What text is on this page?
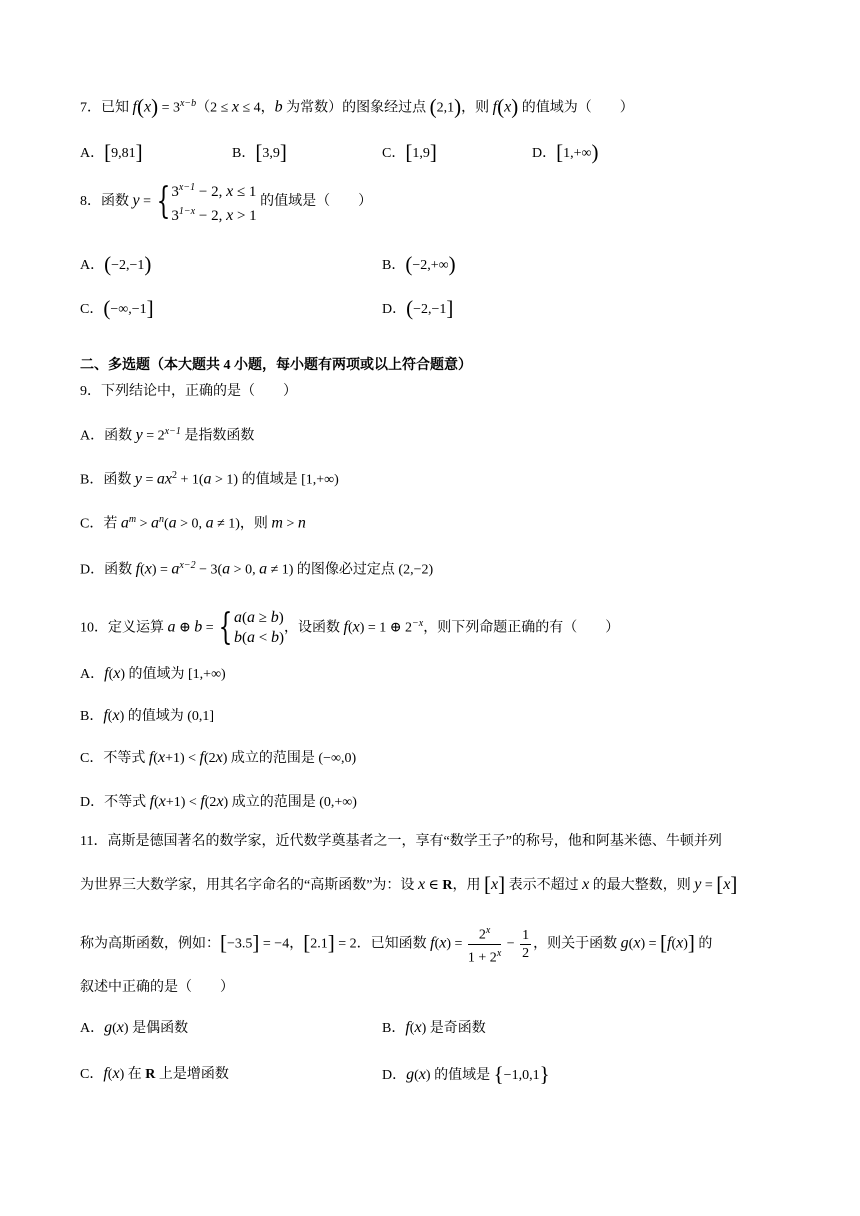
7．已知 $f(x) = 3^{x-b}(2 \le x \le 4$，b 为常数）的图象经过点 (2,1)，则 f(x) 的值域为（　　）
A．[9,81]	B．[3,9]	C．[1,9]	D．[1,+∞)
8．函数 y = { $3^{x-1} - 2$, x ≤ 1
$3^{1-x} - 2$, x > 1 的值域是（　　）
A．(−2,−1)	B．(−2,+∞)
C．(−∞,−1]	D．(−2,−1]
二、多选题（本大题共 4 小题，每小题有两项或以上符合题意）
9．下列结论中，正确的是（　　）
A．函数 $y = 2^{x-1}$ 是指数函数
B．函数 $y = ax^2 + 1(a > 1)$ 的值域是 [1,+∞)
C．若 $a^m > a^n(a > 0$, a ≠ 1)，则 m > n
D．函数 $f(x) = a^{x-2} - 3(a > 0$, a ≠ 1) 的图像必过定点 (2,−2)
10．定义运算 a ⊕ b = {a(a ≥ b)
b(a < b)，设函数 f(x) = 1 ⊕ $2^{-x}$，则下列命题正确的有（　　）
A．f(x) 的值域为 [1,+∞)
B．f(x) 的值域为 (0,1]
C．不等式 f(x+1) < f(2x) 成立的范围是 (−∞,0)
D．不等式 f(x+1) < f(2x) 成立的范围是 (0,+∞)
11．高斯是德国著名的数学家，近代数学奠基者之一，享有“数学王子”的称号，他和阿基米德、牛顿并列
为世界三大数学家，用其名字命名的“高斯函数”为：设 x ∈ R，用 [x] 表示不超过 x 的最大整数，则 y = [x]
称为高斯函数，例如：[−3.5] = −4，[2.1] = 2．已知函数 $f(x) = \frac{2^x}{1 + 2^x} - \frac{1}{2}$ ，则关于函数 g(x) = [f(x)] 的
叙述中正确的是（　　）
A．g(x) 是偶函数	B．f(x) 是奇函数
C．f(x) 在 R 上是增函数	D．g(x) 的值域是 {−1,0,1}
